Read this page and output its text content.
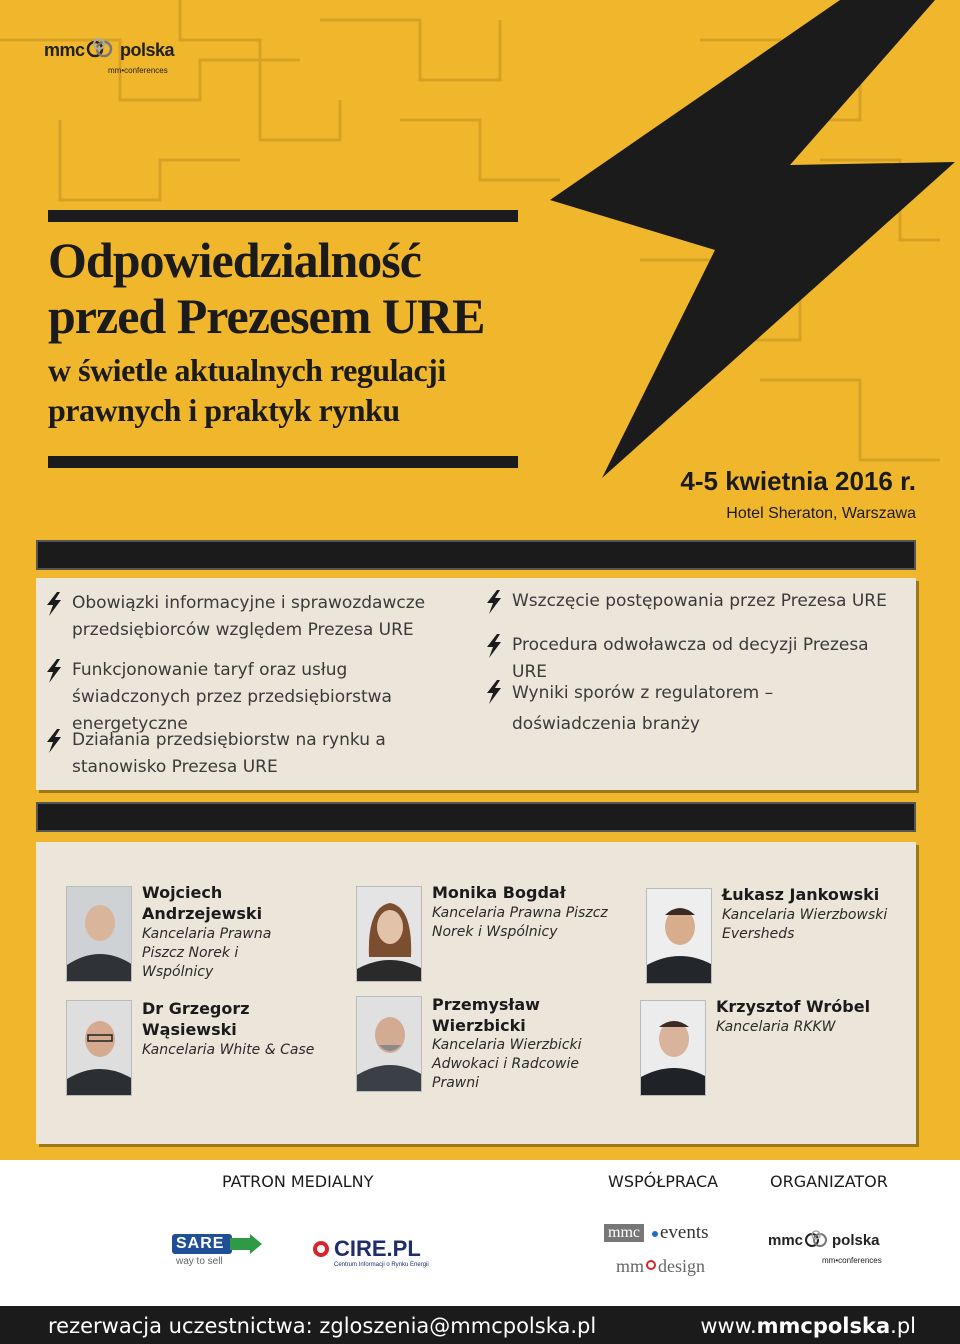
mmc polska
mm•conferences
Odpowiedzialność
przed Prezesem URE
w świetle aktualnych regulacji
prawnych i praktyk rynku
4-5 kwietnia 2016 r.
Hotel Sheraton, Warszawa
GŁÓWNE ZAGADNIENIA
Obowiązki informacyjne i sprawozdawcze przedsiębiorców względem Prezesa URE
Funkcjonowanie taryf oraz usług świadczonych przez przedsiębiorstwa energetyczne
Działania przedsiębiorstw na rynku a stanowisko Prezesa URE
Wszczęcie postępowania przez Prezesa URE
Procedura odwoławcza od decyzji Prezesa URE
Wyniki sporów z regulatorem – doświadczenia branży
PRELEGENCI
Wojciech Andrzejewski
Kancelaria Prawna Piszcz Norek i Wspólnicy
Monika Bogdał
Kancelaria Prawna Piszcz Norek i Wspólnicy
Łukasz Jankowski
Kancelaria Wierzbowski Eversheds
Dr Grzegorz Wąsiewski
Kancelaria White & Case
Przemysław Wierzbicki
Kancelaria Wierzbicki Adwokaci i Radcowie Prawni
Krzysztof Wróbel
Kancelaria RKKW
PATRON MEDIALNY	WSPÓŁPRACA	ORGANIZATOR
SARE
way to sell
CIRE.PL
Centrum Informacji o Rynku Energii
mmc events
mm design
mmc polska
mm•conferences
rezerwacja uczestnictwa: zgloszenia@mmcpolska.pl	www.mmcpolska.pl
